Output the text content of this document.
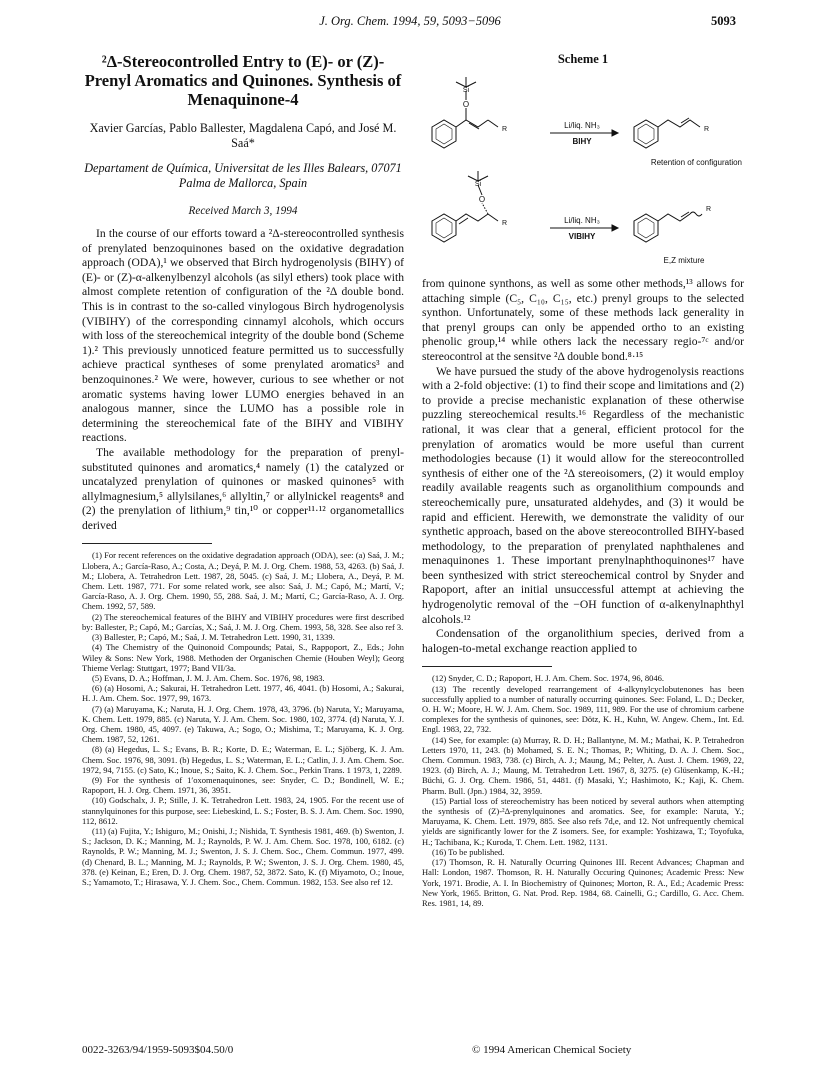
J. Org. Chem. 1994, 59, 5093−5096	5093
²Δ-Stereocontrolled Entry to (E)- or (Z)-Prenyl Aromatics and Quinones. Synthesis of Menaquinone-4
Xavier Garcías, Pablo Ballester, Magdalena Capó, and José M. Saá*
Departament de Química, Universitat de les Illes Balears, 07071 Palma de Mallorca, Spain
Received March 3, 1994

In the course of our efforts toward a ²Δ-stereocontrolled synthesis of prenylated benzoquinones based on the oxidative degradation approach (ODA),¹ we observed that Birch hydrogenolysis (BIHY) of (E)- or (Z)-α-alkenylbenzyl alcohols (as silyl ethers) took place with almost complete retention of configuration of the ²Δ double bond. This is in contrast to the so-called vinylogous Birch hydrogenolysis (VIBIHY) of the corresponding cinnamyl alcohols, which occurs with loss of the stereochemical integrity of the double bond (Scheme 1).² This previously unnoticed feature permitted us to successfully achieve practical syntheses of some prenylated aromatics³ and benzoquinones.² We were, however, curious to see whether or not aromatic systems having lower LUMO energies behaved in an analogous manner, since the LUMO has a possible role in determining the stereochemical fate of the BIHY and VIBIHY reactions.

The available methodology for the preparation of prenyl-substituted quinones and aromatics,⁴ namely (1) the catalyzed or uncatalyzed prenylation of quinones or masked quinones⁵ with allylmagnesium,⁵ allylsilanes,⁶ allyltin,⁷ or allylnickel reagents⁸ and (2) the prenylation of lithium,⁹ tin,¹⁰ or copper¹¹·¹² organometallics derived

(1) For recent references on the oxidative degradation approach (ODA), see: (a) Saá, J. M.; Llobera, A.; García-Raso, A.; Costa, A.; Deyá, P. M. J. Org. Chem. 1988, 53, 4263. (b) Saá, J. M.; Llobera, A. Tetrahedron Lett. 1987, 28, 5045. (c) Saá, J. M.; Llobera, A., Deyá, P. M. Chem. Lett. 1987, 771. For some related work, see also: Saá, J. M.; Capó, M.; Martí, V.; García-Raso, A. J. Org. Chem. 1990, 55, 288. Saá, J. M.; Martí, C.; García-Raso, A. J. Org. Chem. 1992, 57, 589.
(2) The stereochemical features of the BIHY and VIBIHY procedures were first described by: Ballester, P.; Capó, M.; Garcías, X.; Saá, J. M. J. Org. Chem. 1993, 58, 328. See also ref 3.
(3) Ballester, P.; Capó, M.; Saá, J. M. Tetrahedron Lett. 1990, 31, 1339.
(4) The Chemistry of the Quinonoid Compounds; Patai, S., Rappoport, Z., Eds.; John Wiley & Sons: New York, 1988. Methoden der Organischen Chemie (Houben Weyl); Georg Thieme Verlag: Stuttgart, 1977; Band VII/3a.
(5) Evans, D. A.; Hoffman, J. M. J. Am. Chem. Soc. 1976, 98, 1983.
(6) (a) Hosomi, A.; Sakurai, H. Tetrahedron Lett. 1977, 46, 4041. (b) Hosomi, A.; Sakurai, H. J. Am. Chem. Soc. 1977, 99, 1673.
(7) (a) Maruyama, K.; Naruta, H. J. Org. Chem. 1978, 43, 3796. (b) Naruta, Y.; Maruyama, K. Chem. Lett. 1979, 885. (c) Naruta, Y. J. Am. Chem. Soc. 1980, 102, 3774. (d) Naruta, Y. J. Org. Chem. 1980, 45, 4097. (e) Takuwa, A.; Sogo, O.; Mishima, T.; Maruyama, K. J. Org. Chem. 1987, 52, 1261.
(8) (a) Hegedus, L. S.; Evans, B. R.; Korte, D. E.; Waterman, E. L.; Sjöberg, K. J. Am. Chem. Soc. 1976, 98, 3091. (b) Hegedus, L. S.; Waterman, E. L.; Catlin, J. J. Am. Chem. Soc. 1972, 94, 7155. (c) Sato, K.; Inoue, S.; Saito, K. J. Chem. Soc., Perkin Trans. 1 1973, 1, 2289.
(9) For the synthesis of 1′oxomenaquinones, see: Snyder, C. D.; Bondinell, W. E.; Rapoport, H. J. Org. Chem. 1971, 36, 3951.
(10) Godschalx, J. P.; Stille, J. K. Tetrahedron Lett. 1983, 24, 1905. For the recent use of stannylquinones for this purpose, see: Liebeskind, L. S.; Foster, B. S. J. Am. Chem. Soc. 1990, 112, 8612.
(11) (a) Fujita, Y.; Ishiguro, M.; Onishi, J.; Nishida, T. Synthesis 1981, 469. (b) Swenton, J. S.; Jackson, D. K.; Manning, M. J.; Raynolds, P. W. J. Am. Chem. Soc. 1978, 100, 6182. (c) Raynolds, P. W.; Manning, M. J.; Swenton, J. S. J. Chem. Soc., Chem. Commun. 1977, 499. (d) Chenard, B. L.; Manning, M. J.; Raynolds, P. W.; Swenton, J. S. J. Org. Chem. 1980, 45, 378. (e) Keinan, E.; Eren, D. J. Org. Chem. 1987, 52, 3872. Sato, K. (f) Miyamoto, O.; Inoue, S.; Yamamoto, T.; Hirasawa, Y. J. Chem. Soc., Chem. Commun. 1982, 153. See also ref 12.
Scheme 1
O
Si
R	Li/liq. NH₃
BIHY
R
Retention of configuration
O
Si
R	Li/liq. NH₃
VIBIHY
R
E,Z mixture

from quinone synthons, as well as some other methods,¹³ allows for attaching simple (C₅, C₁₀, C₁₅, etc.) prenyl groups to the selected synthon. Unfortunately, some of these methods lack generality in that prenyl groups can only be appended ortho to an existing phenolic group,¹⁴ while others lack the necessary regio-⁷ᶜ and/or stereocontrol at the sensitve ²Δ double bond.⁸·¹⁵

We have pursued the study of the above hydrogenolysis reactions with a 2-fold objective: (1) to find their scope and limitations and (2) to provide a precise mechanistic explanation of these otherwise puzzling stereochemical results.¹⁶ Regardless of the mechanistic rational, it was clear that a general, efficient protocol for the prenylation of aromatics would be more useful than current methodologies because (1) it would allow for the stereocontrolled synthesis of either one of the ²Δ stereoisomers, (2) it would employ readily available reagents such as organolithium compounds and stereochemically pure, unsaturated aldehydes, and (3) it would be rapid and efficient. Herewith, we demonstrate the validity of our synthetic approach, based on the above stereocontrolled BIHY-based methodology, to the preparation of prenylated naphthalenes and menaquinones 1. These important prenylnaphthoquinones¹⁷ have been synthesized with strict stereochemical control by Snyder and Rapoport, after an initial unsuccessful attempt at achieving the hydrogenolytic removal of the −OH function of α-alkenylnaphthyl alcohols.¹²

Condensation of the organolithium species, derived from a halogen-to-metal exchange reaction applied to

(12) Snyder, C. D.; Rapoport, H. J. Am. Chem. Soc. 1974, 96, 8046.
(13) The recently developed rearrangement of 4-alkynylcyclobutenones has been successfully applied to a number of naturally occurring quinones. See: Foland, L. D.; Decker, O. H. W.; Moore, H. W. J. Am. Chem. Soc. 1989, 111, 989. For the use of chromium carbene complexes for the synthesis of quinones, see: Dötz, K. H., Kuhn, W. Angew. Chem., Int. Ed. Engl. 1983, 22, 732.
(14) See, for example: (a) Murray, R. D. H.; Ballantyne, M. M.; Mathai, K. P. Tetrahedron Letters 1970, 11, 243. (b) Mohamed, S. E. N.; Thomas, P.; Whiting, D. A. J. Chem. Soc., Chem. Commun. 1983, 738. (c) Birch, A. J.; Maung, M.; Pelter, A. Aust. J. Chem. 1969, 22, 1923. (d) Birch, A. J.; Maung, M. Tetrahedron Lett. 1967, 8, 3275. (e) Glüsenkamp, K.-H.; Büchi, G. J. Org. Chem. 1986, 51, 4481. (f) Masaki, Y.; Hashimoto, K.; Kaji, K. Chem. Pharm. Bull. (Jpn.) 1984, 32, 3959.
(15) Partial loss of stereochemistry has been noticed by several authors when attempting the synthesis of (Z)-²Δ-prenylquinones and aromatics. See, for example: Naruta, Y.; Maruyama, K. Chem. Lett. 1979, 885. See also refs 7d,e, and 12. Not unfrequently chemical yields are significantly lower for the Z isomers. See, for example: Yoshizawa, T.; Toyofuka, H.; Tachibana, K.; Kuroda, T. Chem. Lett. 1982, 1131.
(16) To be published.
(17) Thomson, R. H. Naturally Ocurring Quinones III. Recent Advances; Chapman and Hall: London, 1987. Thomson, R. H. Naturally Occuring Quinones; Academic Press: New York, 1971. Brodie, A. I. In Biochemistry of Quinones; Morton, R. A., Ed.; Academic Press: New York, 1965. Britton, G. Nat. Prod. Rep. 1984, 68. Cainelli, G.; Cardillo, G. Acc. Chem. Res. 1981, 14, 89.
0022-3263/94/1959-5093$04.50/0	© 1994 American Chemical Society
